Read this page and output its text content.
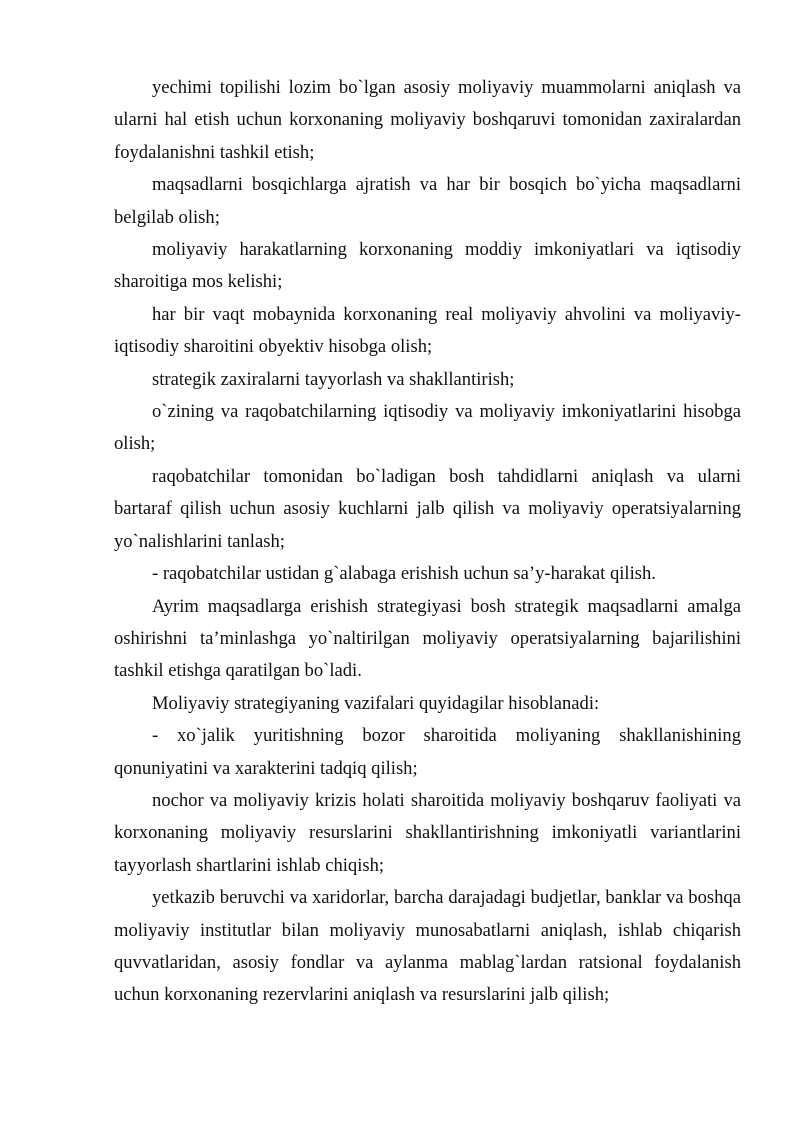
yechimi topilishi lozim bo`lgan asosiy moliyaviy muammolarni aniqlash va ularni hal etish uchun korxonaning moliyaviy boshqaruvi tomonidan zaxiralardan foydalanishni tashkil etish;

maqsadlarni bosqichlarga ajratish va har bir bosqich bo`yicha maqsadlarni belgilab olish;

moliyaviy harakatlarning korxonaning moddiy imkoniyatlari va iqtisodiy sharoitiga mos kelishi;

har bir vaqt mobaynida korxonaning real moliyaviy ahvolini va moliyaviy-iqtisodiy sharoitini obyektiv hisobga olish;

strategik zaxiralarni tayyorlash va shakllantirish;

o`zining va raqobatchilarning iqtisodiy va moliyaviy imkoniyatlarini hisobga olish;

raqobatchilar tomonidan bo`ladigan bosh tahdidlarni aniqlash va ularni bartaraf qilish uchun asosiy kuchlarni jalb qilish va moliyaviy operatsiyalarning yo`nalishlarini tanlash;

- raqobatchilar ustidan g`alabaga erishish uchun sa’y-harakat qilish.

Ayrim maqsadlarga erishish strategiyasi bosh strategik maqsadlarni amalga oshirishni ta’minlashga yo`naltirilgan moliyaviy operatsiyalarning bajarilishini tashkil etishga qaratilgan bo`ladi.

Moliyaviy strategiyaning vazifalari quyidagilar hisoblanadi:

- xo`jalik yuritishning bozor sharoitida moliyaning shakllanishining qonuniyatini va xarakterini tadqiq qilish;

nochor va moliyaviy krizis holati sharoitida moliyaviy boshqaruv faoliyati va korxonaning moliyaviy resurslarini shakllantirishning imkoniyatli variantlarini tayyorlash shartlarini ishlab chiqish;

yetkazib beruvchi va xaridorlar, barcha darajadagi budjetlar, banklar va boshqa moliyaviy institutlar bilan moliyaviy munosabatlarni aniqlash, ishlab chiqarish quvvatlaridan, asosiy fondlar va aylanma mablag`lardan ratsional foydalanish uchun korxonaning rezervlarini aniqlash va resurslarini jalb qilish;
